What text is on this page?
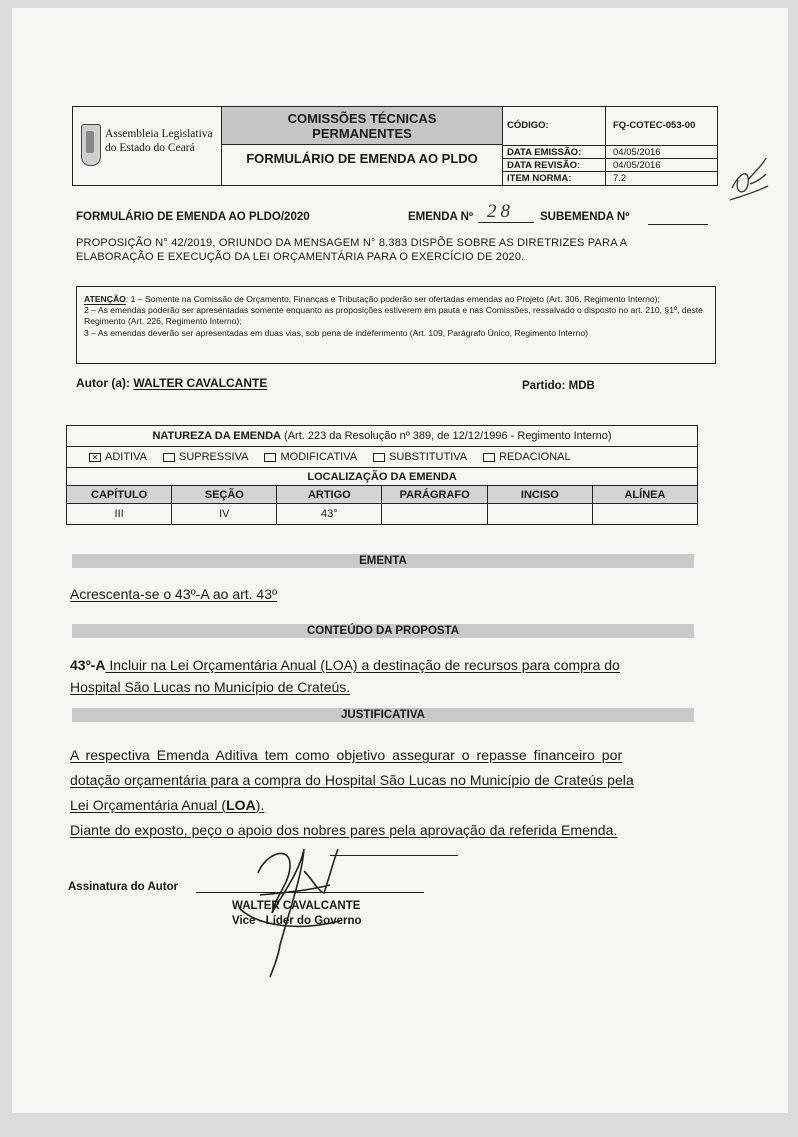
Assembleia Legislativa
do Estado do Ceará
COMISSÕES TÉCNICAS
PERMANENTES
FORMULÁRIO DE EMENDA AO PLDO
CÓDIGO:	FQ-COTEC-053-00
DATA EMISSÃO:	04/05/2016
DATA REVISÃO:	04/05/2016
ITEM NORMA:	7.2
FORMULÁRIO DE EMENDA AO PLDO/2020	EMENDA Nº 28 SUBEMENDA Nº
PROPOSIÇÃO N° 42/2019, ORIUNDO DA MENSAGEM N° 8.383 DISPÕE SOBRE AS DIRETRIZES PARA A
ELABORAÇÃO E EXECUÇÃO DA LEI ORÇAMENTÁRIA PARA O EXERCÍCIO DE 2020.
ATENÇÃO: 1 – Somente na Comissão de Orçamento, Finanças e Tributação poderão ser ofertadas emendas ao Projeto (Art. 306, Regimento Interno);
2 – As emendas poderão ser apresentadas somente enquanto as proposições estiverem em pauta e nas Comissões, ressalvado o disposto no art. 210, §1º, deste Regimento (Art. 226, Regimento Interno);
3 – As emendas deverão ser apresentadas em duas vias, sob pena de indeferimento (Art. 109, Parágrafo Único, Regimento Interno)
Autor (a): WALTER CAVALCANTE	Partido: MDB
NATUREZA DA EMENDA (Art. 223 da Resolução nº 389, de 12/12/1996 - Regimento Interno)					
✕ ADITIVA SUPRESSIVA MODIFICATIVA SUBSTITUTIVA REDACIONAL					
LOCALIZAÇÃO DA EMENDA					
CAPÍTULO	SEÇÃO	ARTIGO	PARÁGRAFO	INCISO	ALÍNEA
III	IV	43°			
EMENTA
Acrescenta-se o 43º-A ao art. 43º
CONTEÚDO DA PROPOSTA
43º-A Incluir na Lei Orçamentária Anual (LOA) a destinação de recursos para compra do
Hospital São Lucas no Município de Crateús.
JUSTIFICATIVA
A respectiva Emenda Aditiva tem como objetivo assegurar o repasse financeiro por
dotação orçamentária para a compra do Hospital São Lucas no Município de Crateús pela
Lei Orçamentária Anual (LOA).
Diante do exposto, peço o apoio dos nobres pares pela aprovação da referida Emenda.
Assinatura do Autor
WALTER CAVALCANTE
Vice - Líder do Governo
